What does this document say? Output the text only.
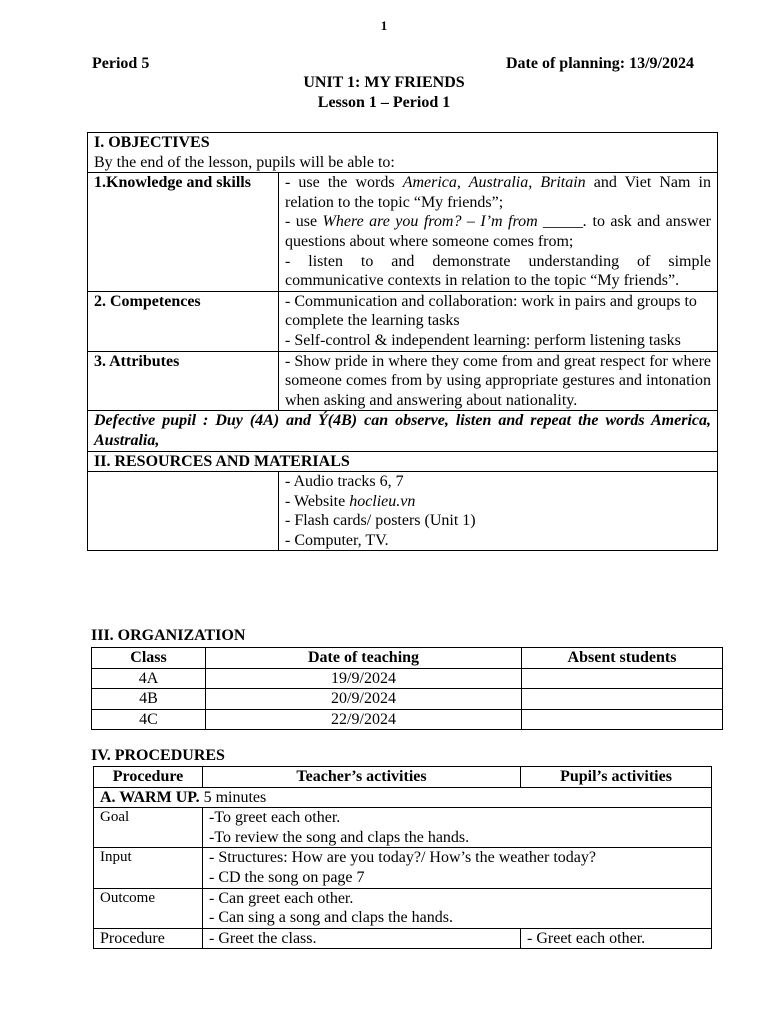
1
Period 5	Date of planning: 13/9/2024
UNIT 1: MY FRIENDS
Lesson 1 – Period 1
I. OBJECTIVES
By the end of the lesson, pupils will be able to:	

1.Knowledge and skills	- use the words America, Australia, Britain and Viet Nam in relation to the topic “My friends”;
- use Where are you from? – I’m from _____. to ask and answer questions about where someone comes from;
- listen to and demonstrate understanding of simple communicative contexts in relation to the topic “My friends”.

2. Competences	- Communication and collaboration: work in pairs and groups to complete the learning tasks
- Self-control & independent learning: perform listening tasks

3. Attributes	- Show pride in where they come from and great respect for where someone comes from by using appropriate gestures and intonation when asking and answering about nationality.
Defective pupil : Duy (4A) and Ý(4B) can observe, listen and repeat the words America, Australia,	
II. RESOURCES AND MATERIALS	

	- Audio tracks 6, 7
- Website hoclieu.vn
- Flash cards/ posters (Unit 1)
- Computer, TV.
III. ORGANIZATION
Class	Date of teaching	Absent students
4A	19/9/2024	
4B	20/9/2024	
4C	22/9/2024	
IV. PROCEDURES
Procedure	Teacher’s activities	Pupil’s activities
A. WARM UP. 5 minutes		
Goal	-To greet each other.
-To review the song and claps the hands.	

Input	- Structures: How are you today?/ How’s the weather today?
- CD the song on page 7	

Outcome	- Can greet each other.
- Can sing a song and claps the hands.	

Procedure	- Greet the class.	- Greet each other.
